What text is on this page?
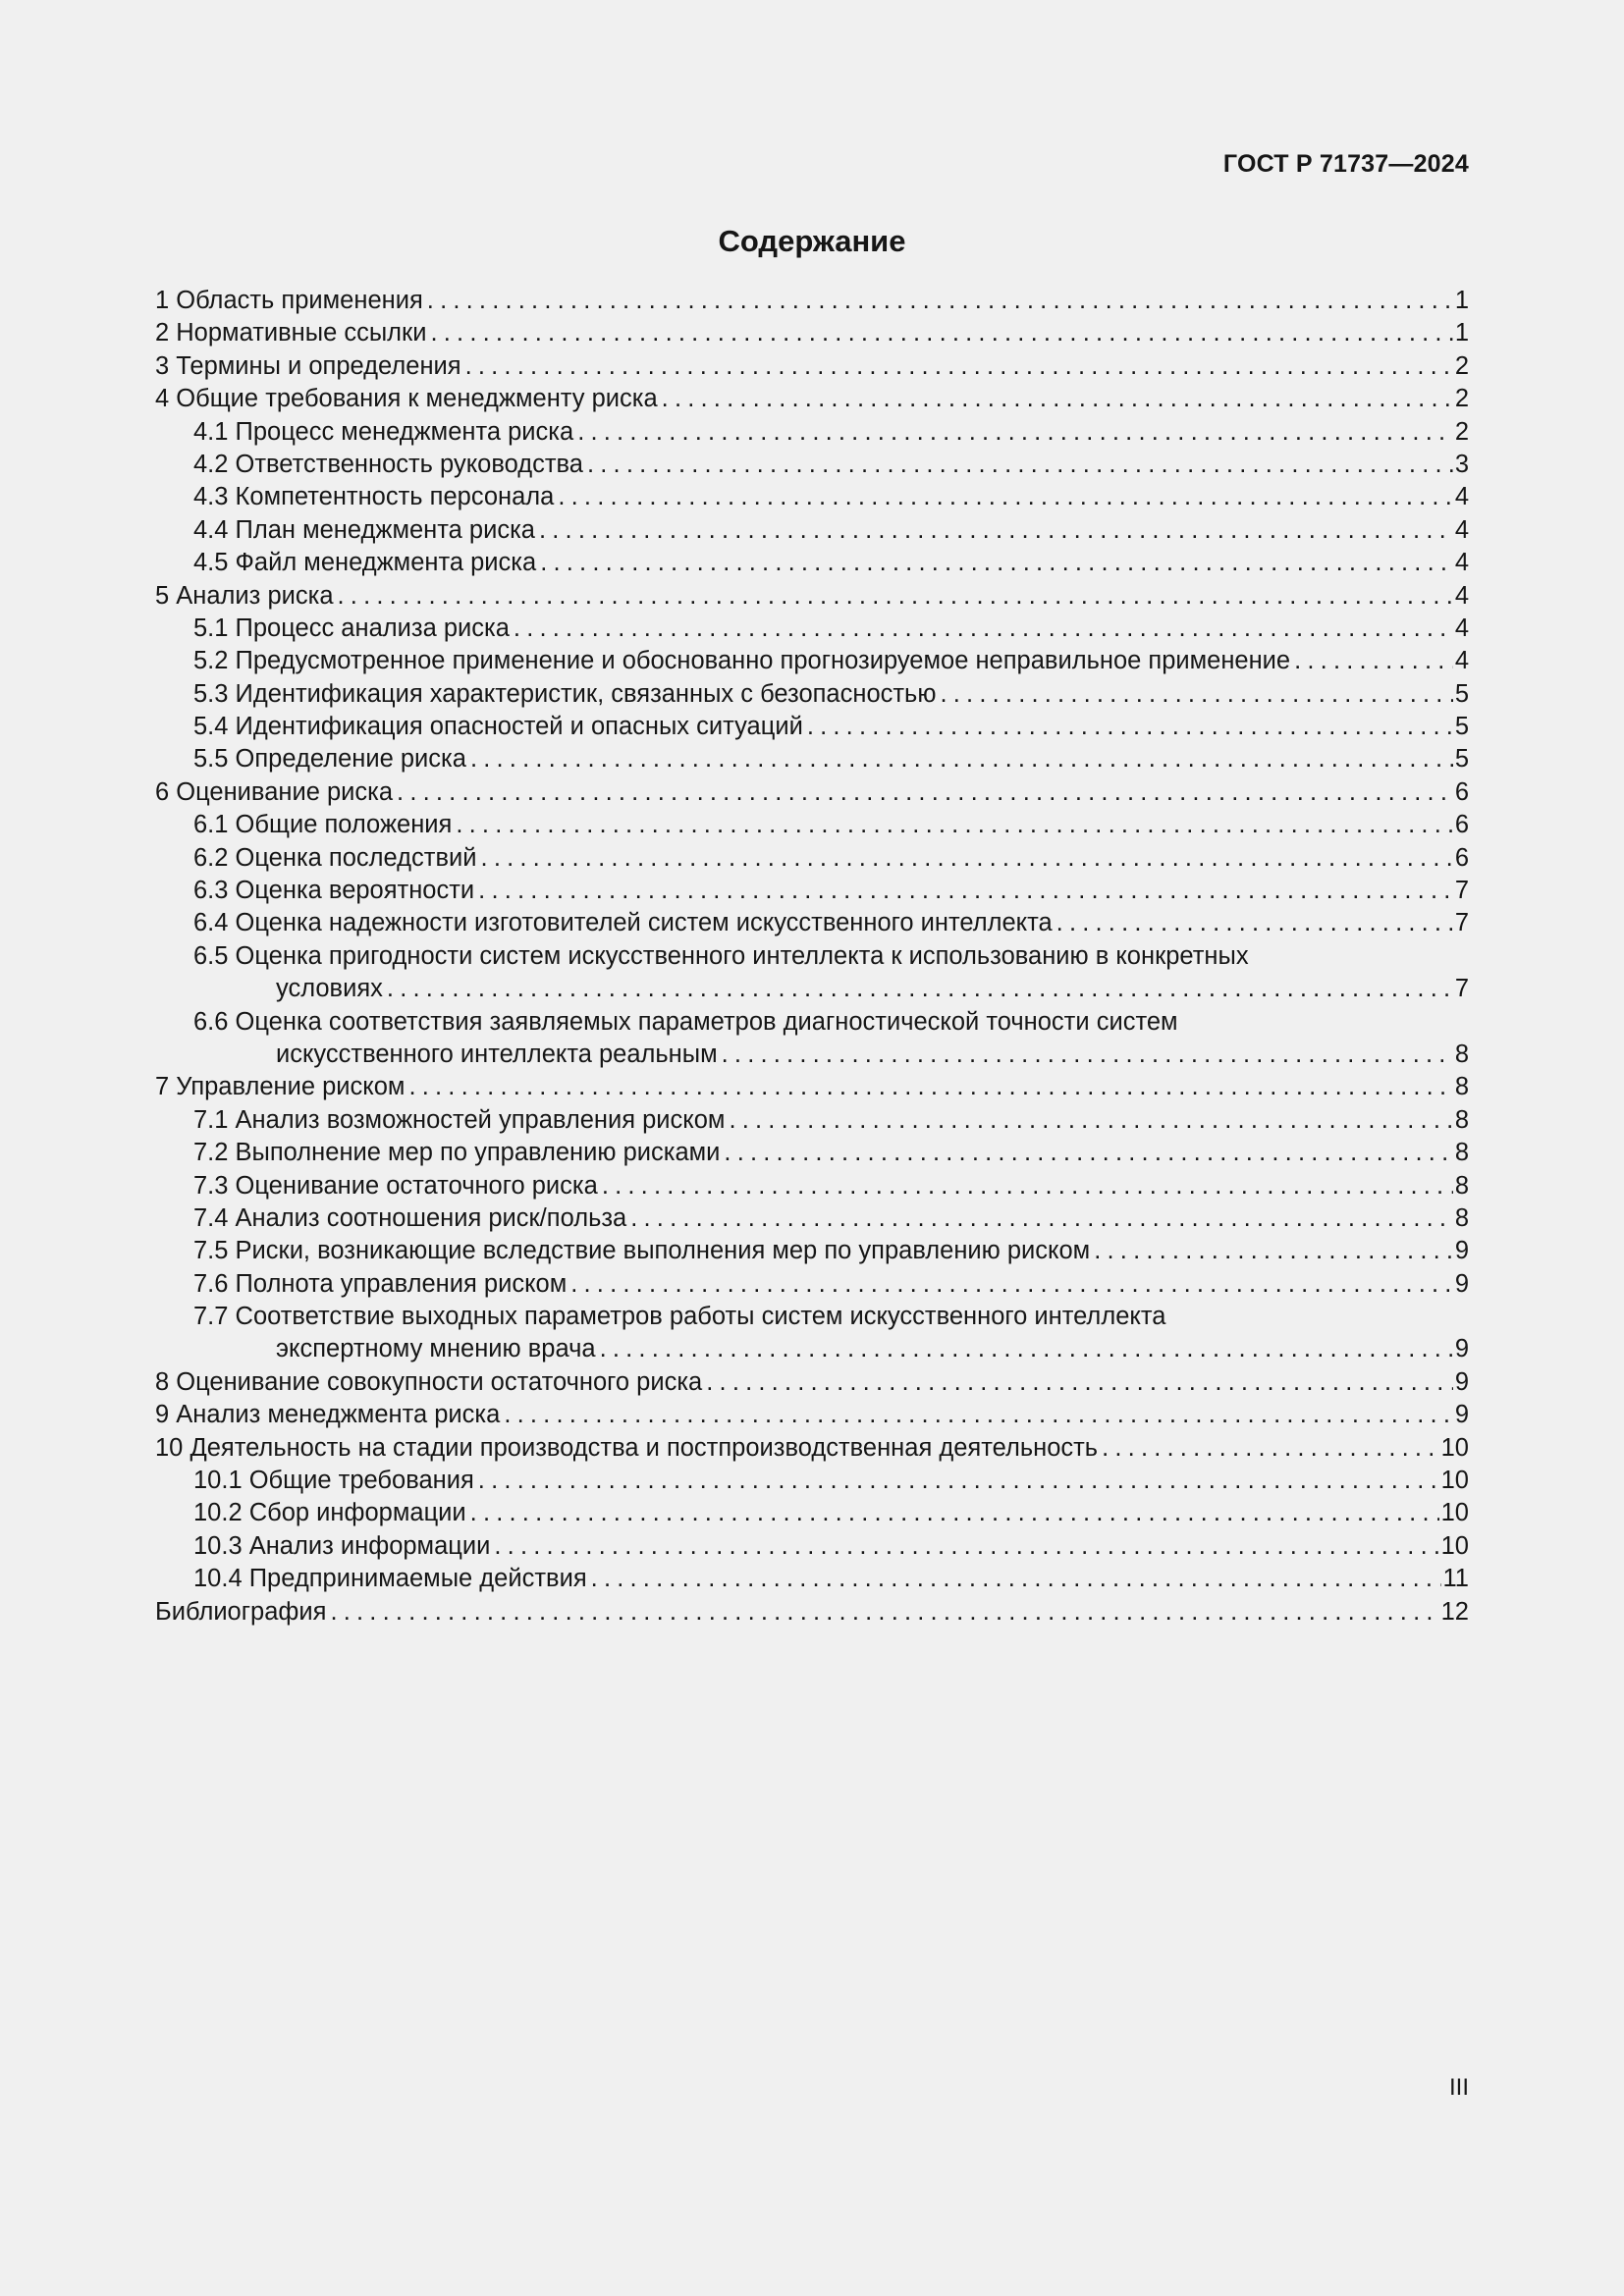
ГОСТ Р 71737—2024
Содержание
1 Область применения .....	1
2 Нормативные ссылки .....	1
3 Термины и определения .....	2
4 Общие требования к менеджменту риска .....	2
4.1 Процесс менеджмента риска .....	2
4.2 Ответственность руководства .....	3
4.3 Компетентность персонала .....	4
4.4 План менеджмента риска .....	4
4.5 Файл менеджмента риска .....	4
5 Анализ риска .....	4
5.1 Процесс анализа риска .....	4
5.2 Предусмотренное применение и обоснованно прогнозируемое неправильное применение .....	4
5.3 Идентификация характеристик, связанных с безопасностью .....	5
5.4 Идентификация опасностей и опасных ситуаций .....	5
5.5 Определение риска .....	5
6 Оценивание риска .....	6
6.1 Общие положения .....	6
6.2 Оценка последствий .....	6
6.3 Оценка вероятности .....	7
6.4 Оценка надежности изготовителей систем искусственного интеллекта .....	7
6.5 Оценка пригодности систем искусственного интеллекта к использованию в конкретных
условиях .....	7
6.6 Оценка соответствия заявляемых параметров диагностической точности систем
искусственного интеллекта реальным .....	8
7 Управление риском .....	8
7.1 Анализ возможностей управления риском .....	8
7.2 Выполнение мер по управлению рисками .....	8
7.3 Оценивание остаточного риска .....	8
7.4 Анализ соотношения риск/польза .....	8
7.5 Риски, возникающие вследствие выполнения мер по управлению риском .....	9
7.6 Полнота управления риском .....	9
7.7 Соответствие выходных параметров работы систем искусственного интеллекта
экспертному мнению врача .....	9
8 Оценивание совокупности остаточного риска .....	9
9 Анализ менеджмента риска .....	9
10 Деятельность на стадии производства и постпроизводственная деятельность .....	10
10.1 Общие требования .....	10
10.2 Сбор информации .....	10
10.3 Анализ информации .....	10
10.4 Предпринимаемые действия .....	11
Библиография .....	12
III
